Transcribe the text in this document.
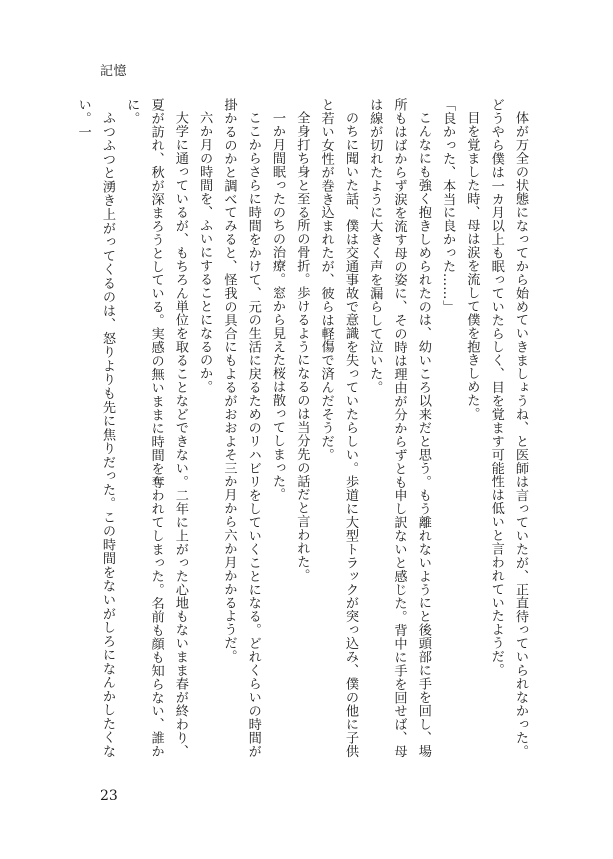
記憶

体が万全の状態になってから始めていきましょうね、と医師は言っていたが、正直待っていられなかった。どうやら僕は一カ月以上も眠っていたらしく、目を覚ます可能性は低いと言われていたようだ。

目を覚ました時、母は涙を流して僕を抱きしめた。

「良かった、本当に良かった……」

こんなにも強く抱きしめられたのは、幼いころ以来だと思う。もう離れないようにと後頭部に手を回し、場所もはばからず涙を流す母の姿に、その時は理由が分からずとも申し訳ないと感じた。背中に手を回せば、母は線が切れたように大きく声を漏らして泣いた。

のちに聞いた話、僕は交通事故で意識を失っていたらしい。歩道に大型トラックが突っ込み、僕の他に子供と若い女性が巻き込まれたが、彼らは軽傷で済んだそうだ。

全身打ち身と至る所の骨折。歩けるようになるのは当分先の話だと言われた。

一か月間眠ったのちの治療。窓から見えた桜は散ってしまった。

ここからさらに時間をかけて、元の生活に戻るためのリハビリをしていくことになる。どれくらいの時間が掛かるのかと調べてみると、怪我の具合にもよるがおおよそ三か月から六か月かかるようだ。

六か月の時間を、ふいにすることになるのか。

大学に通っているが、もちろん単位を取ることなどできない。二年に上がった心地もないまま春が終わり、夏が訪れ、秋が深まろうとしている。実感の無いままに時間を奪われてしまった。名前も顔も知らない、誰かに。

ふつふつと湧き上がってくるのは、怒りよりも先に焦りだった。この時間をないがしろになんかしたくない。一

23
